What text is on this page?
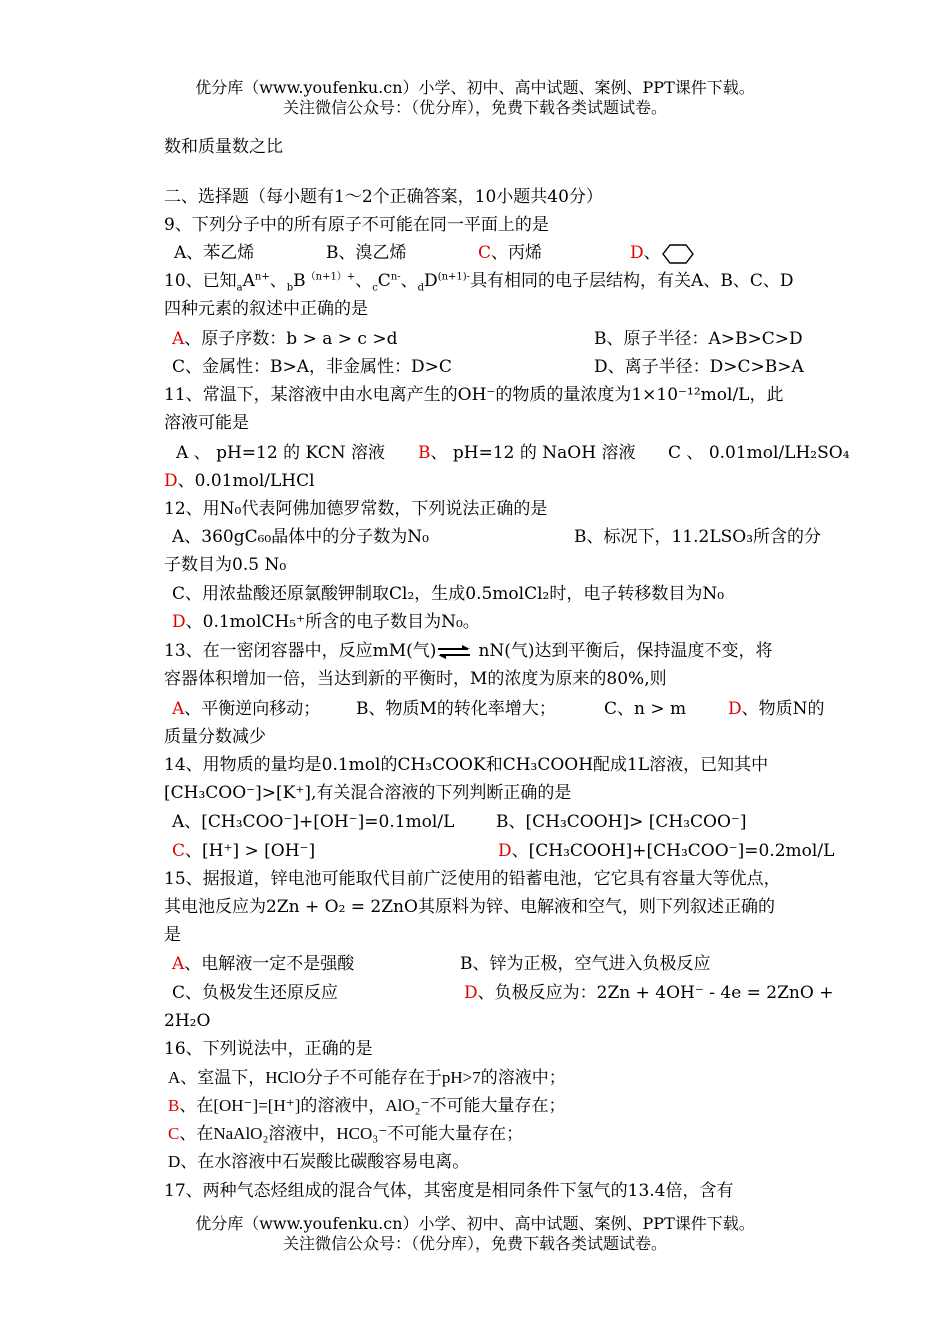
优分库（www.youfenku.cn）小学、初中、高中试题、案例、PPT课件下载。
关注微信公众号：（优分库），免费下载各类试题试卷。
数和质量数之比
二、选择题（每小题有1～2个正确答案，10小题共40分）
9、下列分子中的所有原子不可能在同一平面上的是
A、苯乙烯	B、溴乙烯	C、丙烯	D、
10、已知$_aA^{n+}$、$_bB^{(n+1)+}$、$_cC^{n-}$、$_dD^{(n+1)-}$具有相同的电子层结构，有关A、B、C、D
四种元素的叙述中正确的是
A、原子序数：b > a > c >d	B、原子半径：A>B>C>D
C、金属性：B>A，非金属性：D>C	D、离子半径：D>C>B>A
11、常温下，某溶液中由水电离产生的OH⁻的物质的量浓度为1×10⁻¹²mol/L，此
溶液可能是
A 、 pH=12 的 KCN 溶液 B、 pH=12 的 NaOH 溶液 C 、 0.01mol/LH₂SO₄
D、0.01mol/LHCl
12、用N₀代表阿佛加德罗常数，下列说法正确的是
A、360gC₆₀晶体中的分子数为N₀	B、标况下，11.2LSO₃所含的分
子数目为0.5 N₀
C、用浓盐酸还原氯酸钾制取Cl₂，生成0.5molCl₂时，电子转移数目为N₀
D、0.1molCH₅⁺所含的电子数目为N₀。
13、在一密闭容器中，反应mM(气)⇌ nN(气)达到平衡后，保持温度不变，将
容器体积增加一倍，当达到新的平衡时，M的浓度为原来的80%,则
A、平衡逆向移动； B、物质M的转化率增大；	C、n > m D、物质N的
质量分数减少
14、用物质的量均是0.1mol的CH₃COOK和CH₃COOH配成1L溶液，已知其中
[CH₃COO⁻]>[K⁺],有关混合溶液的下列判断正确的是
A、[CH₃COO⁻]+[OH⁻]=0.1mol/L B、[CH₃COOH]> [CH₃COO⁻]
C、[H⁺] > [OH⁻]	D、[CH₃COOH]+[CH₃COO⁻]=0.2mol/L
15、据报道，锌电池可能取代目前广泛使用的铅蓄电池，它它具有容量大等优点，
其电池反应为2Zn + O₂ = 2ZnO其原料为锌、电解液和空气，则下列叙述正确的
是
A、电解液一定不是强酸	B、锌为正极，空气进入负极反应
C、负极发生还原反应	D、负极反应为：2Zn + 4OH⁻ - 4e = 2ZnO +
2H₂O
16、下列说法中，正确的是
A、室温下，HClO分子不可能存在于pH>7的溶液中；
B、在[OH⁻]=[H⁺]的溶液中，AlO₂⁻不可能大量存在；
C、在NaAlO₂溶液中，HCO₃⁻不可能大量存在；
D、在水溶液中石炭酸比碳酸容易电离。
17、两种气态烃组成的混合气体，其密度是相同条件下氢气的13.4倍，含有
优分库（www.youfenku.cn）小学、初中、高中试题、案例、PPT课件下载。
关注微信公众号：（优分库），免费下载各类试题试卷。
